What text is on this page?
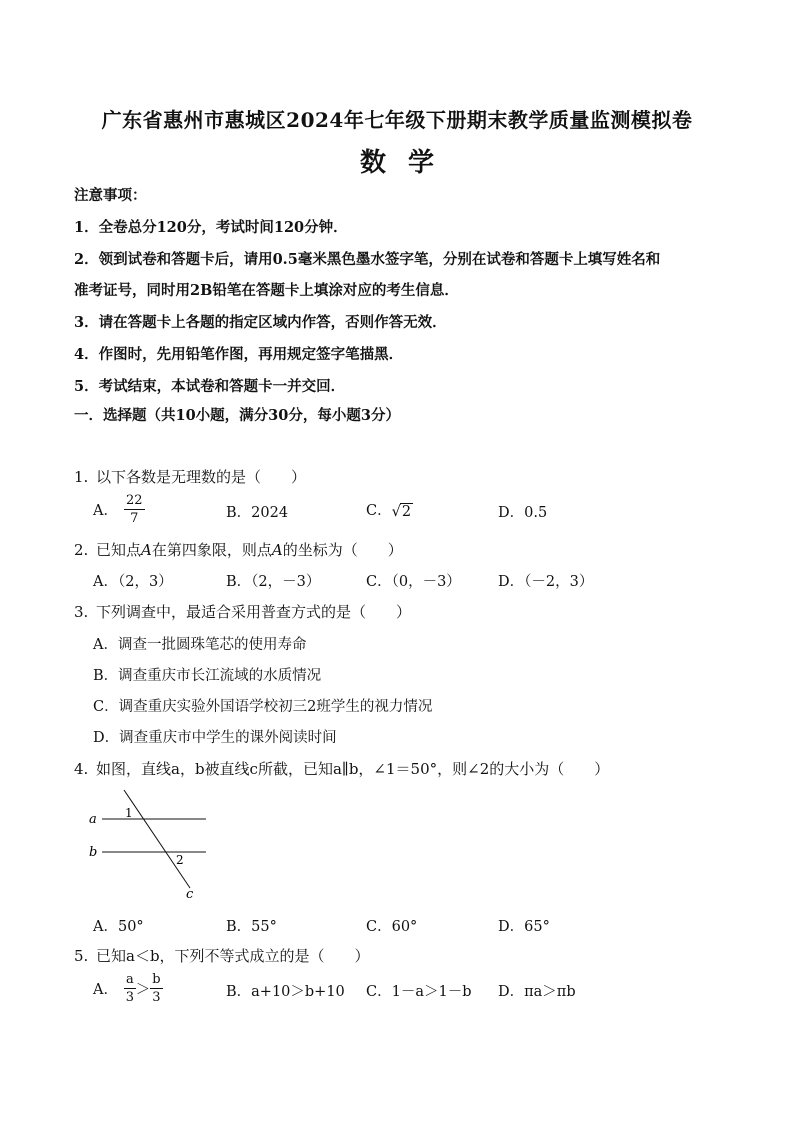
广东省惠州市惠城区2024年七年级下册期末教学质量监测模拟卷
数学
注意事项：
1．全卷总分120分，考试时间120分钟．
2．领到试卷和答题卡后，请用0.5毫米黑色墨水签字笔，分别在试卷和答题卡上填写姓名和
准考证号，同时用2B铅笔在答题卡上填涂对应的考生信息．
3．请在答题卡上各题的指定区域内作答，否则作答无效．
4．作图时，先用铅笔作图，再用规定签字笔描黑．
5．考试结束，本试卷和答题卡一并交回．
一．选择题（共10小题，满分30分，每小题3分）
1. 以下各数是无理数的是（　　）
A． $\frac{22}{7}$	B．2024	C． √ 2	D．0.5
2. 已知点A在第四象限，则点A的坐标为（　　）
A．（2，3）	B．（2，－3）	C．（0，－3）	D．（－2，3）
3. 下列调查中，最适合采用普查方式的是（　　）
A．调查一批圆珠笔芯的使用寿命
B．调查重庆市长江流域的水质情况
C．调查重庆实验外国语学校初三2班学生的视力情况
D．调查重庆市中学生的课外阅读时间
4. 如图，直线a，b被直线c所截，已知a∥b，∠1＝50°，则∠2的大小为（　　）
a
b
c
1
2
A．50°	B．55°	C．60°	D．65°
5. 已知a＜b，下列不等式成立的是（　　）
A． $\frac{a}{3} > \frac{b}{3}$	B．a+10＞b+10 C．1－a＞1－b D．πa＞πb
